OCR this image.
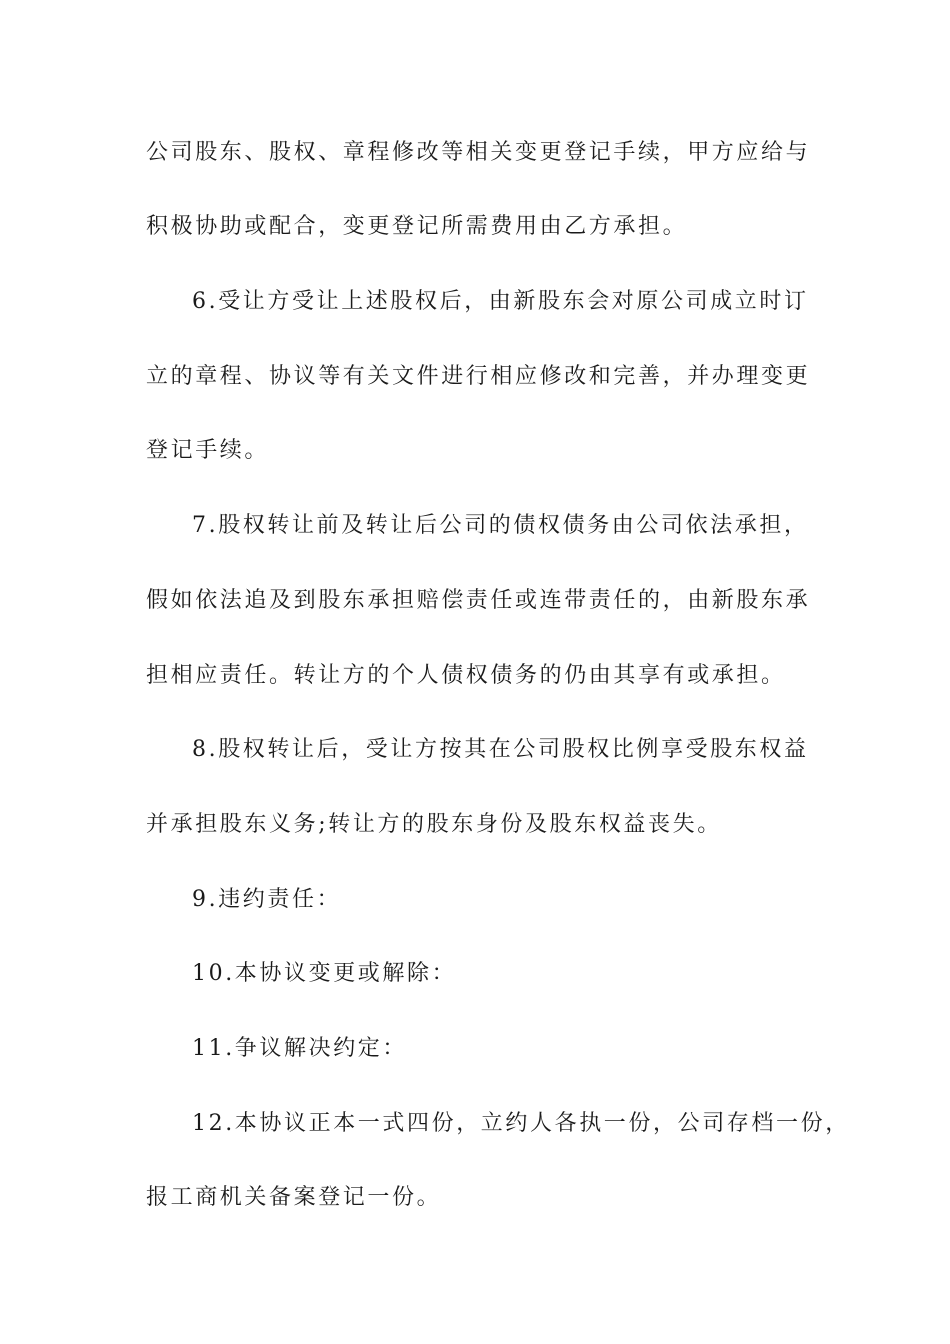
公司股东、股权、章程修改等相关变更登记手续，甲方应给与
积极协助或配合，变更登记所需费用由乙方承担。
6.受让方受让上述股权后，由新股东会对原公司成立时订
立的章程、协议等有关文件进行相应修改和完善，并办理变更
登记手续。
7.股权转让前及转让后公司的债权债务由公司依法承担，
假如依法追及到股东承担赔偿责任或连带责任的，由新股东承
担相应责任。转让方的个人债权债务的仍由其享有或承担。
8.股权转让后，受让方按其在公司股权比例享受股东权益
并承担股东义务;转让方的股东身份及股东权益丧失。
9.违约责任：
10.本协议变更或解除：
11.争议解决约定：
12.本协议正本一式四份，立约人各执一份，公司存档一份，
报工商机关备案登记一份。
